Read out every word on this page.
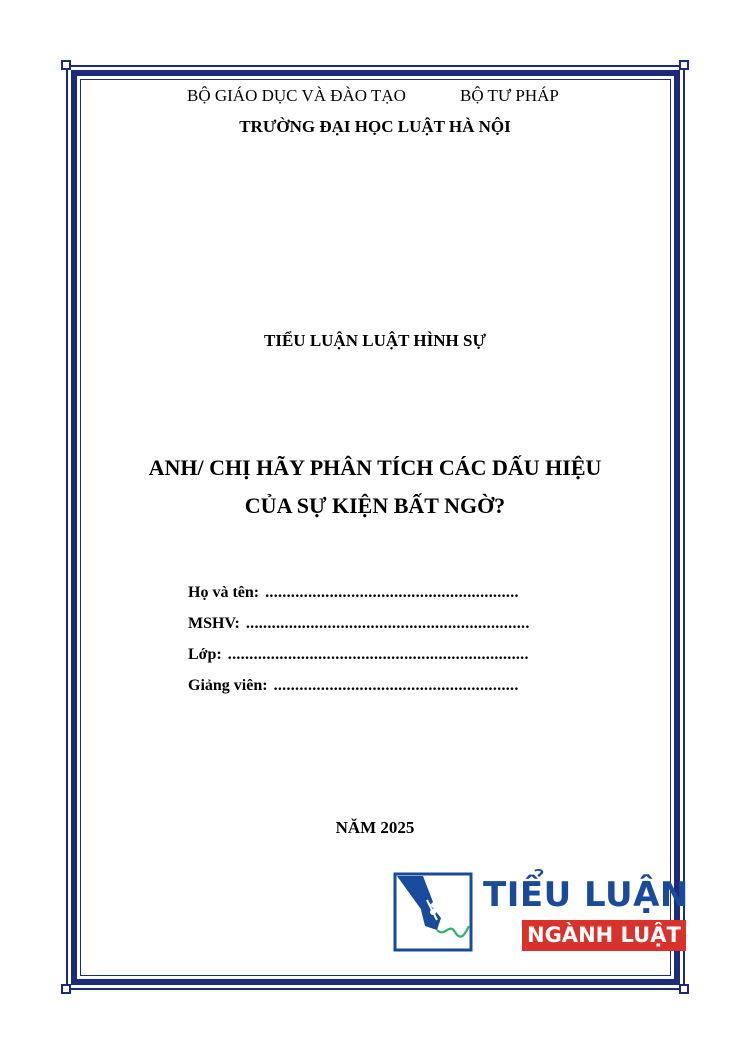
BỘ GIÁO DỤC VÀ ĐÀO TẠO	BỘ TƯ PHÁP
TRƯỜNG ĐẠI HỌC LUẬT HÀ NỘI
TIỂU LUẬN LUẬT HÌNH SỰ
ANH/ CHỊ HÃY PHÂN TÍCH CÁC DẤU HIỆU
CỦA SỰ KIỆN BẤT NGỜ?
Họ và tên: ...........................................................
MSHV: ..................................................................
Lớp: ......................................................................
Giảng viên: .........................................................
NĂM 2025
TIỂU LUẬN
NGÀNH LUẬT
